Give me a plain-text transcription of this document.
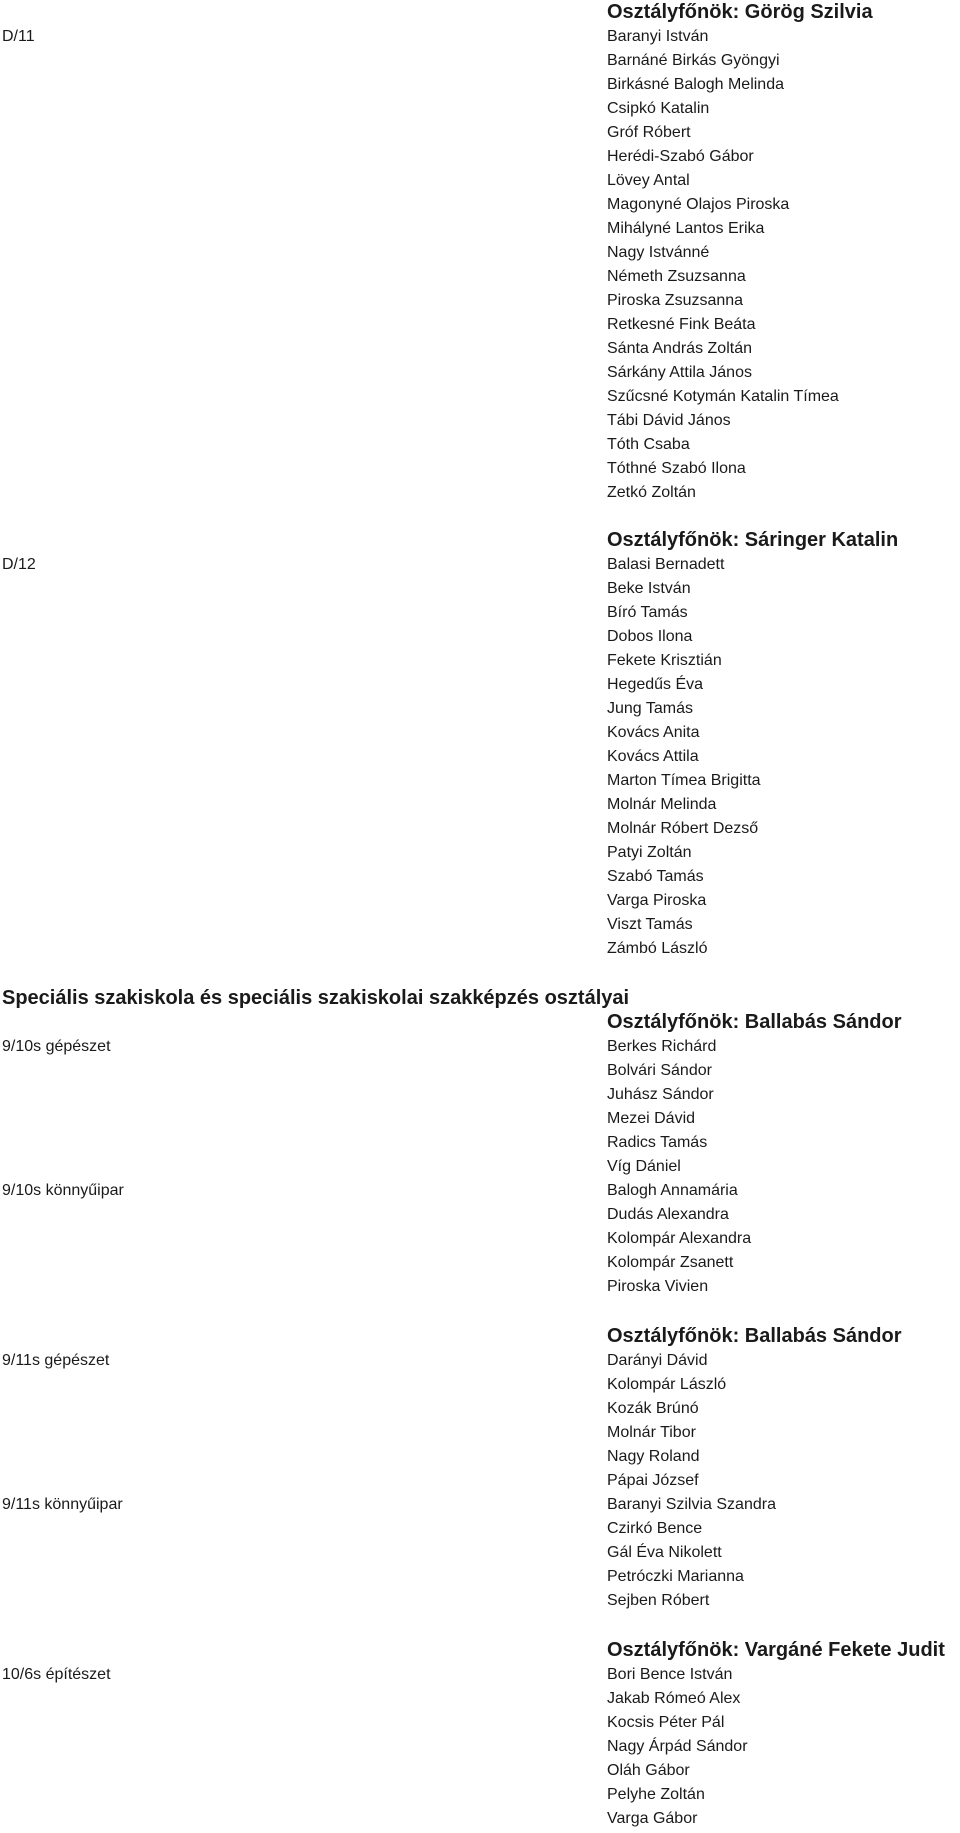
Speciális szakiskola és speciális szakiskolai szakképzés osztályai
Osztályfőnök: Görög Szilvia
D/11	Baranyi István
Barnáné Birkás Gyöngyi
Birkásné Balogh Melinda
Csipkó Katalin
Gróf Róbert
Herédi-Szabó Gábor
Lövey Antal
Magonyné Olajos Piroska
Mihályné Lantos Erika
Nagy Istvánné
Németh Zsuzsanna
Piroska Zsuzsanna
Retkesné Fink Beáta
Sánta András Zoltán
Sárkány Attila János
Szűcsné Kotymán Katalin Tímea
Tábi Dávid János
Tóth Csaba
Tóthné Szabó Ilona
Zetkó Zoltán
Osztályfőnök: Sáringer Katalin
D/12	Balasi Bernadett
Beke István
Bíró Tamás
Dobos Ilona
Fekete Krisztián
Hegedűs Éva
Jung Tamás
Kovács Anita
Kovács Attila
Marton Tímea Brigitta
Molnár Melinda
Molnár Róbert Dezső
Patyi Zoltán
Szabó Tamás
Varga Piroska
Viszt Tamás
Zámbó László
Osztályfőnök: Ballabás Sándor
9/10s gépészet	Berkes Richárd
Bolvári Sándor
Juhász Sándor
Mezei Dávid
Radics Tamás
Víg Dániel
9/10s könnyűipar	Balogh Annamária
Dudás Alexandra
Kolompár Alexandra
Kolompár Zsanett
Piroska Vivien
Osztályfőnök: Ballabás Sándor
9/11s gépészet	Darányi Dávid
Kolompár László
Kozák Brúnó
Molnár Tibor
Nagy Roland
Pápai József
9/11s könnyűipar	Baranyi Szilvia Szandra
Czirkó Bence
Gál Éva Nikolett
Petróczki Marianna
Sejben Róbert
Osztályfőnök: Vargáné Fekete Judit
10/6s építészet	Bori Bence István
Jakab Rómeó Alex
Kocsis Péter Pál
Nagy Árpád Sándor
Oláh Gábor
Pelyhe Zoltán
Varga Gábor
